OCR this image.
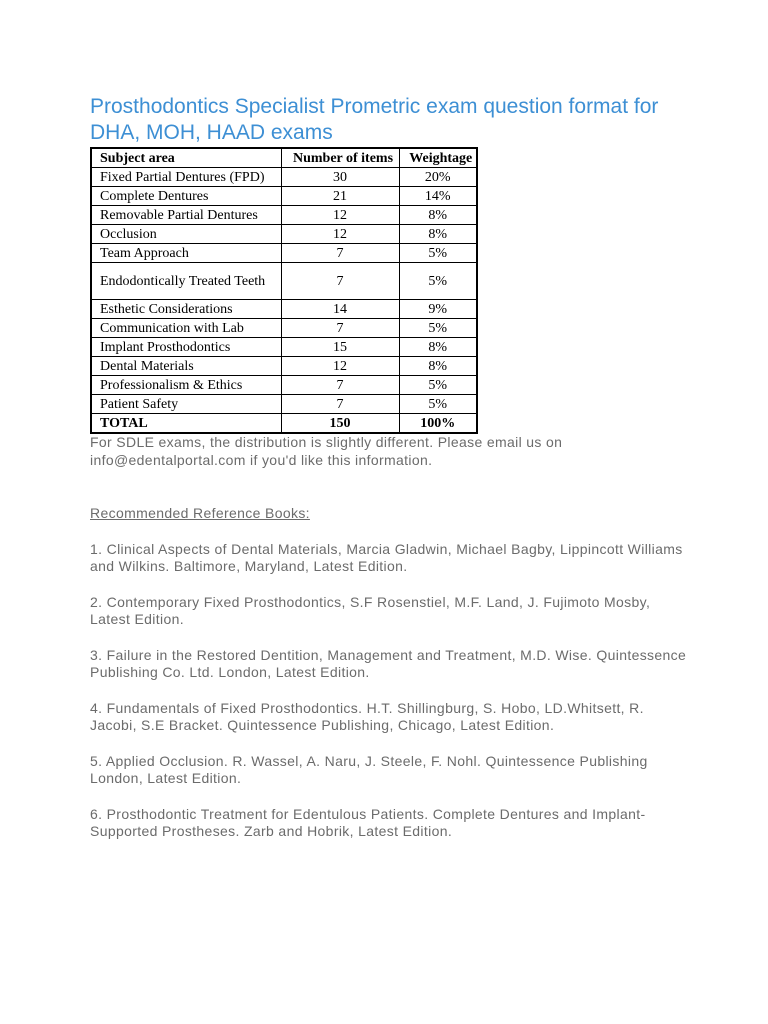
Prosthodontics Specialist Prometric exam question format for DHA, MOH, HAAD exams
Subject area	Number of items	Weightage
Fixed Partial Dentures (FPD)	30	20%
Complete Dentures	21	14%
Removable Partial Dentures	12	8%
Occlusion	12	8%
Team Approach	7	5%
Endodontically Treated Teeth	7	5%
Esthetic Considerations	14	9%
Communication with Lab	7	5%
Implant Prosthodontics	15	8%
Dental Materials	12	8%
Professionalism & Ethics	7	5%
Patient Safety	7	5%
TOTAL	150	100%

For SDLE exams, the distribution is slightly different. Please email us on info@edentalportal.com if you'd like this information.

Recommended Reference Books:

1. Clinical Aspects of Dental Materials, Marcia Gladwin, Michael Bagby, Lippincott Williams and Wilkins. Baltimore, Maryland, Latest Edition.

2. Contemporary Fixed Prosthodontics, S.F Rosenstiel, M.F. Land, J. Fujimoto Mosby, Latest Edition.

3. Failure in the Restored Dentition, Management and Treatment, M.D. Wise. Quintessence Publishing Co. Ltd. London, Latest Edition.

4. Fundamentals of Fixed Prosthodontics. H.T. Shillingburg, S. Hobo, LD.Whitsett, R. Jacobi, S.E Bracket. Quintessence Publishing, Chicago, Latest Edition.

5. Applied Occlusion. R. Wassel, A. Naru, J. Steele, F. Nohl. Quintessence Publishing London, Latest Edition.

6. Prosthodontic Treatment for Edentulous Patients. Complete Dentures and Implant- Supported Prostheses. Zarb and Hobrik, Latest Edition.
